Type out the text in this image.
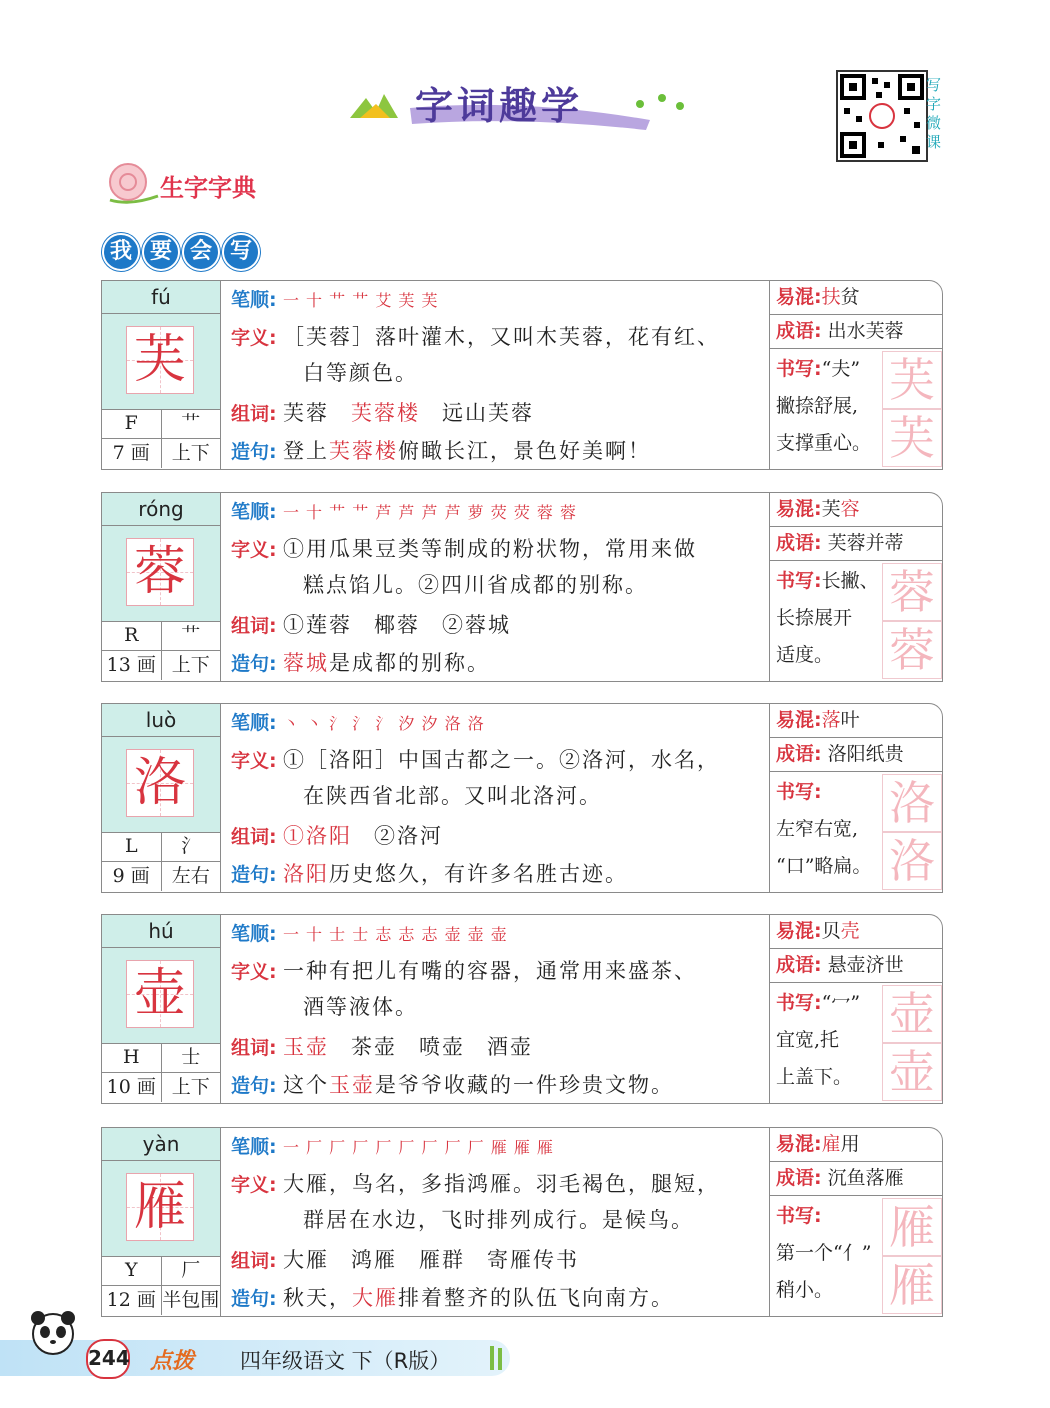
字词趣学	写字微课
生字字典
我 要 会 写
fú
芙
F	艹
7 画	上下
笔顺: 一 十 艹 艹 艾 芙 芙
字义: ［芙蓉］落叶灌木，又叫木芙蓉，花有红、
白等颜色。
组词: 芙蓉 芙蓉楼 远山芙蓉
造句: 登上芙蓉楼俯瞰长江，景色好美啊！
易混:扶贫
成语: 出水芙蓉
书写:“夫”
撇捺舒展,
支撑重心。
芙
芙
róng
蓉
R	艹
13 画 上下
笔顺: 一 十 艹 艹 芦 芦 芦 芦 萝 荧 荧 蓉 蓉
字义: ①用瓜果豆类等制成的粉状物，常用来做
糕点馅儿。②四川省成都的别称。
组词: ①莲蓉 椰蓉 ②蓉城
造句: 蓉城是成都的别称。
易混:芙容
成语: 芙蓉并蒂
书写:长撇、
长捺展开
适度。
蓉
蓉
luò
洛
L	氵
9 画	左右
笔顺: 丶 丶 氵 氵 氵 汐 汐 洛 洛
字义: ①［洛阳］中国古都之一。②洛河，水名，
在陕西省北部。又叫北洛河。
组词: ①洛阳 ②洛河
造句: 洛阳历史悠久，有许多名胜古迹。
易混:落叶
成语: 洛阳纸贵
书写:
左窄右宽,
“口”略扁。
洛
洛
hú
壶
H	士
10 画 上下
笔顺: 一 十 士 士 志 志 志 壶 壶 壶
字义: 一种有把儿有嘴的容器，通常用来盛茶、
酒等液体。
组词: 玉壶 茶壶 喷壶 酒壶
造句: 这个玉壶是爷爷收藏的一件珍贵文物。
易混:贝壳
成语: 悬壶济世
书写:“冖”
宜宽,托
上盖下。
壶
壶
yàn
雁
Y	厂
12 画 半包围
笔顺: 一 厂 厂 厂 厂 厂 厂 厂 厂 雁 雁 雁
字义: 大雁，鸟名，多指鸿雁。羽毛褐色，腿短，
群居在水边，飞时排列成行。是候鸟。
组词: 大雁 鸿雁 雁群 寄雁传书
造句: 秋天，大雁排着整齐的队伍飞向南方。
易混:雇用
成语: 沉鱼落雁
书写:
第一个“亻”
稍小。
雁
雁
244 点拨 四年级语文 下（R版）
